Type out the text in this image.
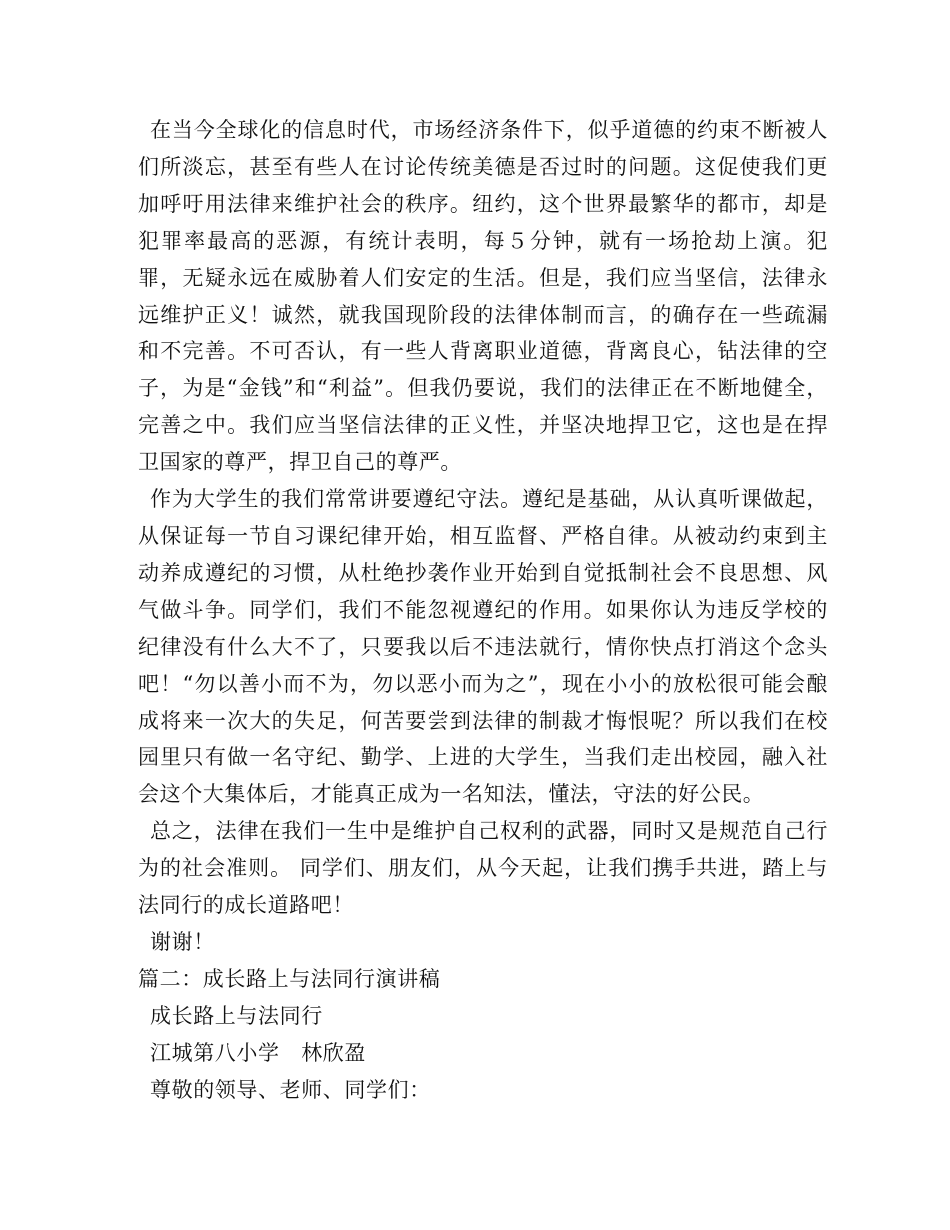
在当今全球化的信息时代，市场经济条件下，似乎道德的约束不断被人们所淡忘，甚至有些人在讨论传统美德是否过时的问题。这促使我们更加呼吁用法律来维护社会的秩序。纽约，这个世界最繁华的都市，却是犯罪率最高的恶源，有统计表明，每５分钟，就有一场抢劫上演。犯罪，无疑永远在威胁着人们安定的生活。但是，我们应当坚信，法律永远维护正义！诚然，就我国现阶段的法律体制而言，的确存在一些疏漏和不完善。不可否认，有一些人背离职业道德，背离良心，钻法律的空子，为是“金钱”和“利益”。但我仍要说，我们的法律正在不断地健全，完善之中。我们应当坚信法律的正义性，并坚决地捍卫它，这也是在捍卫国家的尊严，捍卫自己的尊严。

作为大学生的我们常常讲要遵纪守法。遵纪是基础，从认真听课做起，从保证每一节自习课纪律开始，相互监督、严格自律。从被动约束到主动养成遵纪的习惯，从杜绝抄袭作业开始到自觉抵制社会不良思想、风气做斗争。同学们，我们不能忽视遵纪的作用。如果你认为违反学校的纪律没有什么大不了，只要我以后不违法就行，情你快点打消这个念头吧！“勿以善小而不为，勿以恶小而为之”，现在小小的放松很可能会酿成将来一次大的失足，何苦要尝到法律的制裁才悔恨呢？所以我们在校园里只有做一名守纪、勤学、上进的大学生，当我们走出校园，融入社会这个大集体后，才能真正成为一名知法，懂法，守法的好公民。

总之，法律在我们一生中是维护自己权利的武器，同时又是规范自己行为的社会准则。 同学们、朋友们，从今天起，让我们携手共进，踏上与法同行的成长道路吧！

谢谢！

篇二：成长路上与法同行演讲稿

成长路上与法同行

江城第八小学　林欣盈

尊敬的领导、老师、同学们：
